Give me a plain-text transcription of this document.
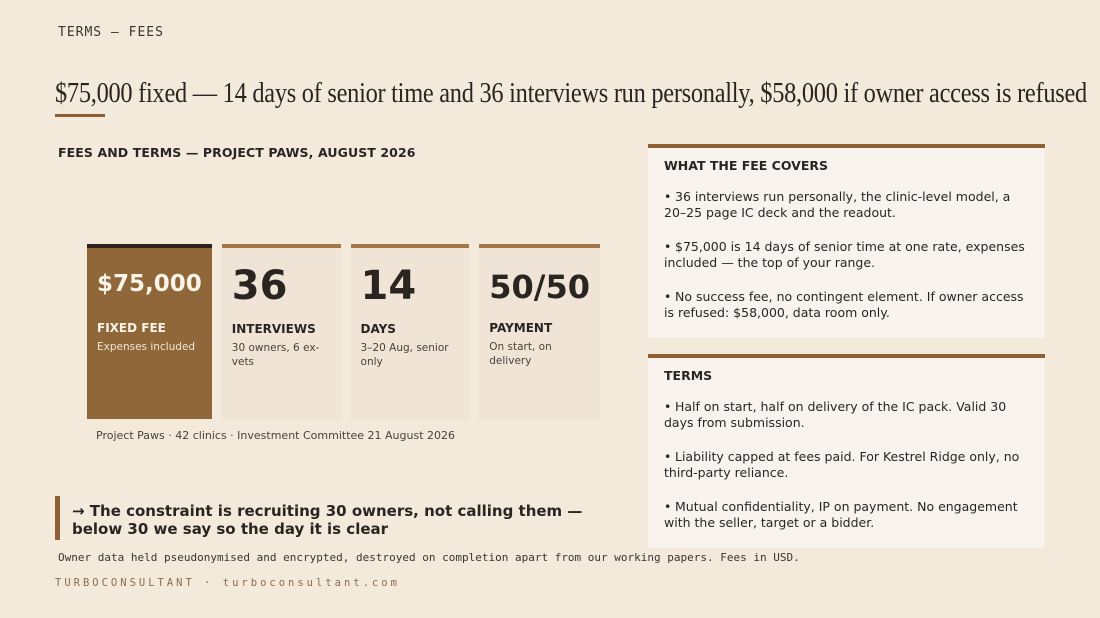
TERMS — FEES
$75,000 fixed — 14 days of senior time and 36 interviews run personally, $58,000 if owner access is refused
FEES AND TERMS — PROJECT PAWS, AUGUST 2026
$75,000
FIXED FEE
Expenses included
36
INTERVIEWS
30 owners, 6 ex-vets
14
DAYS
3–20 Aug, senior only
50/50
PAYMENT
On start, on delivery
Project Paws · 42 clinics · Investment Committee 21 August 2026
→ The constraint is recruiting 30 owners, not calling them — below 30 we say so the day it is clear
Owner data held pseudonymised and encrypted, destroyed on completion apart from our working papers. Fees in USD.
TURBOCONSULTANT · turboconsultant.com
WHAT THE FEE COVERS
• 36 interviews run personally, the clinic-level model, a 20–25 page IC deck and the readout.
• $75,000 is 14 days of senior time at one rate, expenses included — the top of your range.
• No success fee, no contingent element. If owner access is refused: $58,000, data room only.
TERMS
• Half on start, half on delivery of the IC pack. Valid 30 days from submission.
• Liability capped at fees paid. For Kestrel Ridge only, no third-party reliance.
• Mutual confidentiality, IP on payment. No engagement with the seller, target or a bidder.
